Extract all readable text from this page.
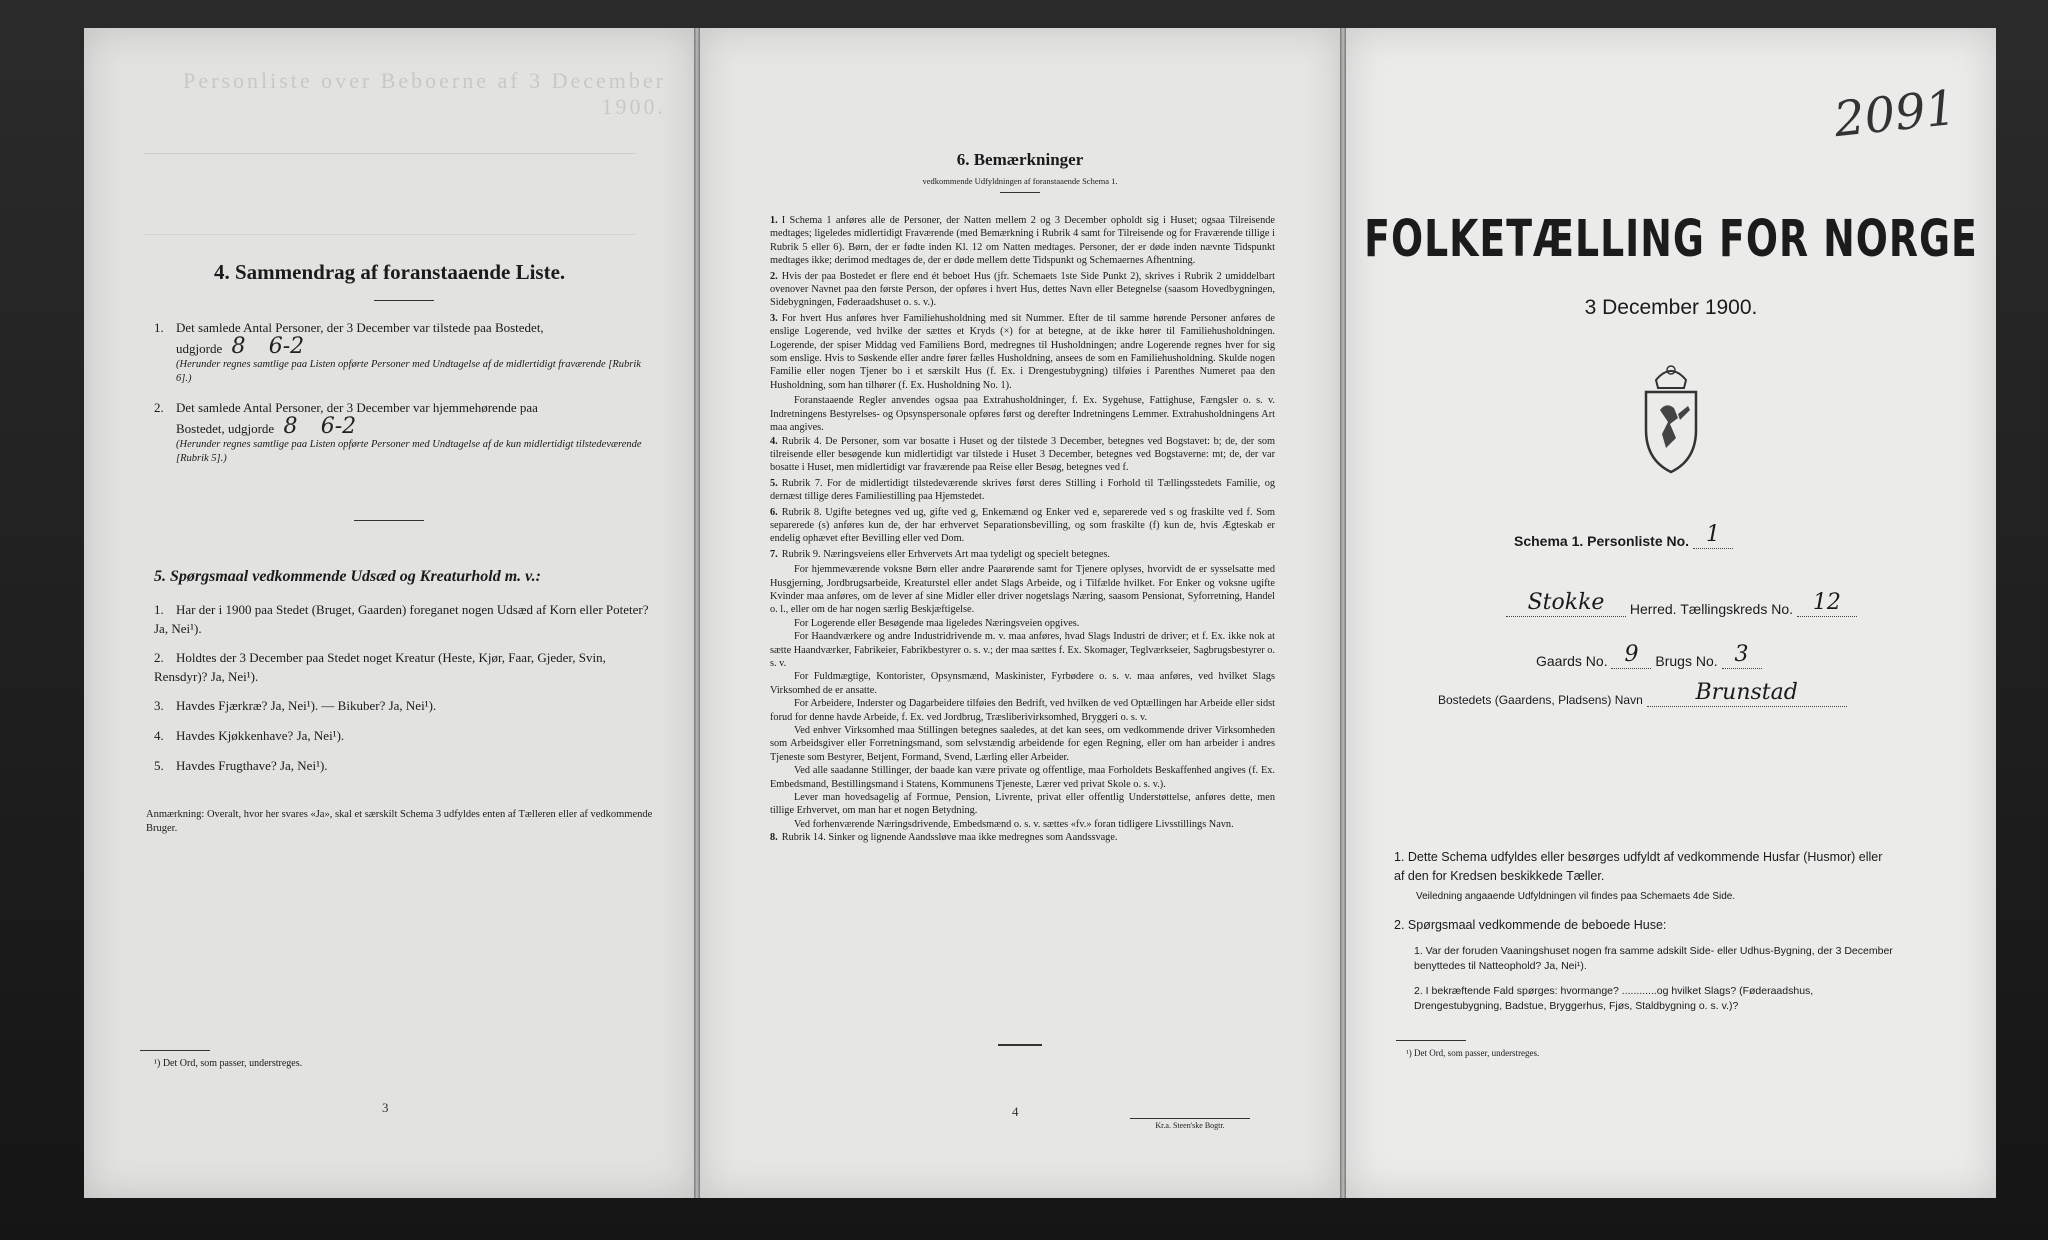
Personliste over Beboerne af 3 December 1900.
4. Sammendrag af foranstaaende Liste.
1. Det samlede Antal Personer, der 3 December var tilstede paa Bostedet,
udgjorde 8 6-2
(Herunder regnes samtlige paa Listen opførte Personer med Undtagelse af de midlertidigt fraværende [Rubrik 6].)
2. Det samlede Antal Personer, der 3 December var hjemmehørende paa
Bostedet, udgjorde 8 6-2
(Herunder regnes samtlige paa Listen opførte Personer med Undtagelse af de kun midlertidigt tilstedeværende [Rubrik 5].)
5. Spørgsmaal vedkommende Udsæd og Kreaturhold m. v.:
1. Har der i 1900 paa Stedet (Bruget, Gaarden) foreganet nogen Udsæd af Korn eller Poteter? Ja, Nei¹).
2. Holdtes der 3 December paa Stedet noget Kreatur (Heste, Kjør, Faar, Gjeder, Svin, Rensdyr)? Ja, Nei¹).
3. Havdes Fjærkræ? Ja, Nei¹). — Bikuber? Ja, Nei¹).
4. Havdes Kjøkkenhave? Ja, Nei¹).
5. Havdes Frugthave? Ja, Nei¹).
Anmærkning: Overalt, hvor her svares «Ja», skal et særskilt Schema 3 udfyldes enten af Tælleren eller af vedkommende Bruger.
¹) Det Ord, som passer, understreges.
3
6. Bemærkninger
vedkommende Udfyldningen af foranstaaende Schema 1.

1. I Schema 1 anføres alle de Personer, der Natten mellem 2 og 3 December opholdt sig i Huset; ogsaa Tilreisende medtages; ligeledes midlertidigt Fraværende (med Bemærkning i Rubrik 4 samt for Tilreisende og for Fraværende tillige i Rubrik 5 eller 6). Børn, der er fødte inden Kl. 12 om Natten medtages. Personer, der er døde inden nævnte Tidspunkt medtages ikke; derimod medtages de, der er døde mellem dette Tidspunkt og Schemaernes Afhentning.

2. Hvis der paa Bostedet er flere end ét beboet Hus (jfr. Schemaets 1ste Side Punkt 2), skrives i Rubrik 2 umiddelbart ovenover Navnet paa den første Person, der opføres i hvert Hus, dettes Navn eller Betegnelse (saasom Hovedbygningen, Sidebygningen, Føderaadshuset o. s. v.).

3. For hvert Hus anføres hver Familiehusholdning med sit Nummer. Efter de til samme hørende Personer anføres de enslige Logerende, ved hvilke der sættes et Kryds (×) for at betegne, at de ikke hører til Familiehusholdningen. Logerende, der spiser Middag ved Familiens Bord, medregnes til Husholdningen; andre Logerende regnes hver for sig som enslige. Hvis to Søskende eller andre fører fælles Husholdning, ansees de som en Familiehusholdning. Skulde nogen Familie eller nogen Tjener bo i et særskilt Hus (f. Ex. i Drengestubygning) tilføies i Parenthes Numeret paa den Husholdning, som han tilhører (f. Ex. Husholdning No. 1).

Foranstaaende Regler anvendes ogsaa paa Extrahusholdninger, f. Ex. Sygehuse, Fattighuse, Fængsler o. s. v. Indretningens Bestyrelses- og Opsynspersonale opføres først og derefter Indretningens Lemmer. Extrahusholdningens Art maa angives.

4. Rubrik 4. De Personer, som var bosatte i Huset og der tilstede 3 December, betegnes ved Bogstavet: b; de, der som tilreisende eller besøgende kun midlertidigt var tilstede i Huset 3 December, betegnes ved Bogstaverne: mt; de, der var bosatte i Huset, men midlertidigt var fraværende paa Reise eller Besøg, betegnes ved f.

5. Rubrik 7. For de midlertidigt tilstedeværende skrives først deres Stilling i Forhold til Tællingsstedets Familie, og dernæst tillige deres Familiestilling paa Hjemstedet.

6. Rubrik 8. Ugifte betegnes ved ug, gifte ved g, Enkemænd og Enker ved e, separerede ved s og fraskilte ved f. Som separerede (s) anføres kun de, der har erhvervet Separationsbevilling, og som fraskilte (f) kun de, hvis Ægteskab er endelig ophævet efter Bevilling eller ved Dom.

7. Rubrik 9. Næringsveiens eller Erhvervets Art maa tydeligt og specielt betegnes.

For hjemmeværende voksne Børn eller andre Paarørende samt for Tjenere oplyses, hvorvidt de er sysselsatte med Husgjerning, Jordbrugsarbeide, Kreaturstel eller andet Slags Arbeide, og i Tilfælde hvilket. For Enker og voksne ugifte Kvinder maa anføres, om de lever af sine Midler eller driver nogetslags Næring, saasom Pensionat, Syforretning, Handel o. l., eller om de har nogen særlig Beskjæftigelse.

For Logerende eller Besøgende maa ligeledes Næringsveien opgives.

For Haandværkere og andre Industridrivende m. v. maa anføres, hvad Slags Industri de driver; et f. Ex. ikke nok at sætte Haandværker, Fabrikeier, Fabrikbestyrer o. s. v.; der maa sættes f. Ex. Skomager, Teglværkseier, Sagbrugsbestyrer o. s. v.

For Fuldmægtige, Kontorister, Opsynsmænd, Maskinister, Fyrbødere o. s. v. maa anføres, ved hvilket Slags Virksomhed de er ansatte.

For Arbeidere, Inderster og Dagarbeidere tilføies den Bedrift, ved hvilken de ved Optællingen har Arbeide eller sidst forud for denne havde Arbeide, f. Ex. ved Jordbrug, Træsliberivirksomhed, Bryggeri o. s. v.

Ved enhver Virksomhed maa Stillingen betegnes saaledes, at det kan sees, om vedkommende driver Virksomheden som Arbeidsgiver eller Forretningsmand, som selvstændig arbeidende for egen Regning, eller om han arbeider i andres Tjeneste som Bestyrer, Betjent, Formand, Svend, Lærling eller Arbeider.

Ved alle saadanne Stillinger, der baade kan være private og offentlige, maa Forholdets Beskaffenhed angives (f. Ex. Embedsmand, Bestillingsmand i Statens, Kommunens Tjeneste, Lærer ved privat Skole o. s. v.).

Lever man hovedsagelig af Formue, Pension, Livrente, privat eller offentlig Understøttelse, anføres dette, men tillige Erhvervet, om man har et nogen Betydning.

Ved forhenværende Næringsdrivende, Embedsmænd o. s. v. sættes «fv.» foran tidligere Livsstillings Navn.

8. Rubrik 14. Sinker og lignende Aandssløve maa ikke medregnes som Aandssvage.

4
Kr.a. Steen'ske Bogtr.
2091
FOLKETÆLLING FOR NORGE
3 December 1900.
Schema 1. Personliste No. 1
Stokke Herred. Tællingskreds No. 12
Gaards No. 9 Brugs No. 3
Bostedets (Gaardens, Pladsens) Navn Brunstad
1. Dette Schema udfyldes eller besørges udfyldt af vedkommende Husfar (Husmor) eller af den for Kredsen beskikkede Tæller.
Veiledning angaaende Udfyldningen vil findes paa Schemaets 4de Side.
2. Spørgsmaal vedkommende de beboede Huse:
1. Var der foruden Vaaningshuset nogen fra samme adskilt Side- eller Udhus-Bygning, der 3 December benyttedes til Natteophold? Ja, Nei¹).
2. I bekræftende Fald spørges: hvormange? ............og hvilket Slags? (Føderaadshus, Drengestubygning, Badstue, Bryggerhus, Fjøs, Staldbygning o. s. v.)?
¹) Det Ord, som passer, understreges.
